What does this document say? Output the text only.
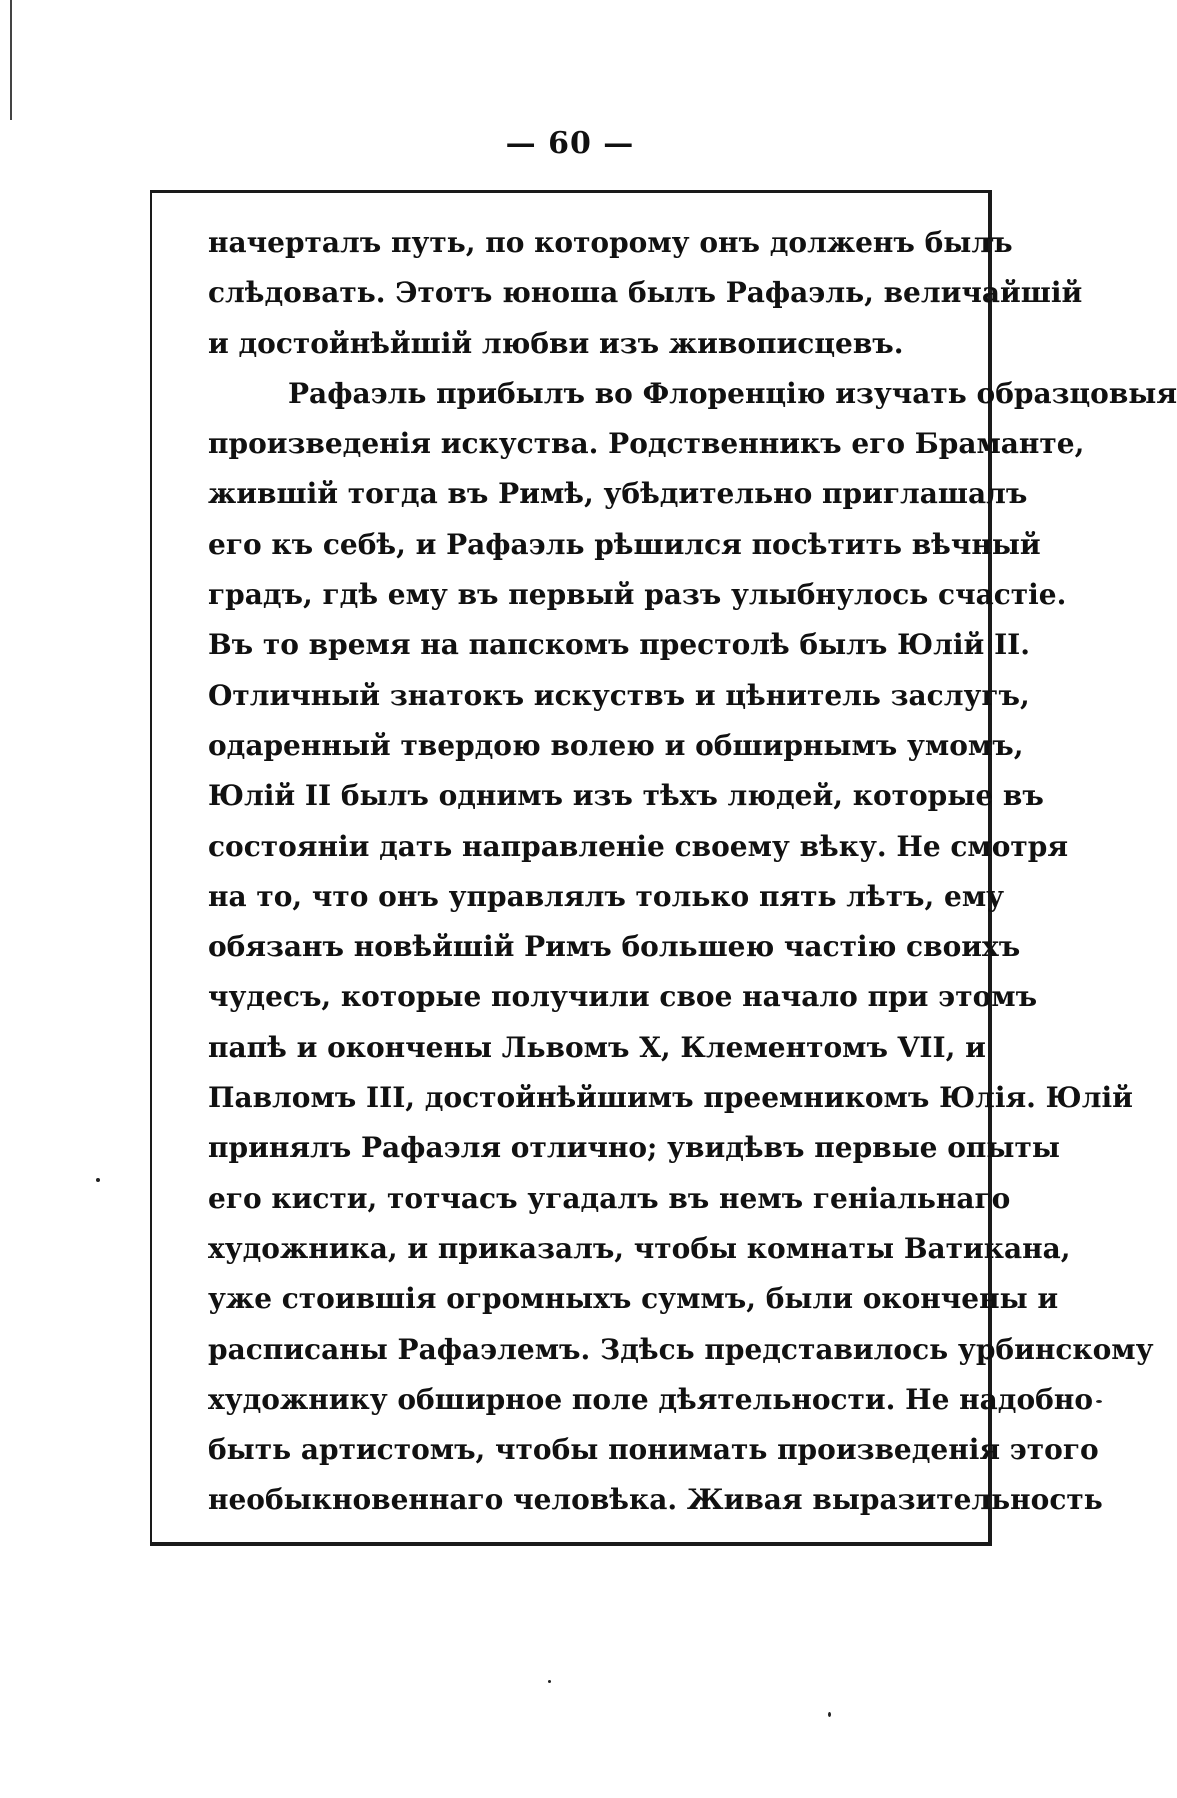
— 60 —
начерталъ путь, по которому онъ долженъ былъ
слѣдовать. Этотъ юноша былъ Рафаэль, величайшій
и достойнѣйшій любви изъ живописцевъ.
Рафаэль прибылъ во Флоренцію изучать образцовыя
произведенія искуства. Родственникъ его Браманте,
жившій тогда въ Римѣ, убѣдительно приглашалъ
его къ себѣ, и Рафаэль рѣшился посѣтить вѣчный
градъ, гдѣ ему въ первый разъ улыбнулось счастіе.
Въ то время на папскомъ престолѣ былъ Юлій II.
Отличный знатокъ искуствъ и цѣнитель заслугъ,
одаренный твердою волею и обширнымъ умомъ,
Юлій II былъ однимъ изъ тѣхъ людей, которые въ
состояніи дать направленіе своему вѣку. Не смотря
на то, что онъ управлялъ только пять лѣтъ, ему
обязанъ новѣйшій Римъ большею частію своихъ
чудесъ, которые получили свое начало при этомъ
папѣ и окончены Львомъ X, Клементомъ VII, и
Павломъ III, достойнѣйшимъ преемникомъ Юлія. Юлій
принялъ Рафаэля отлично; увидѣвъ первые опыты
его кисти, тотчасъ угадалъ въ немъ геніальнаго
художника, и приказалъ, чтобы комнаты Ватикана,
уже стоившія огромныхъ суммъ, были окончены и
расписаны Рафаэлемъ. Здѣсь представилось урбинскому
художнику обширное поле дѣятельности. Не надобно
быть артистомъ, чтобы понимать произведенія этого
необыкновеннаго человѣка. Живая выразительность
